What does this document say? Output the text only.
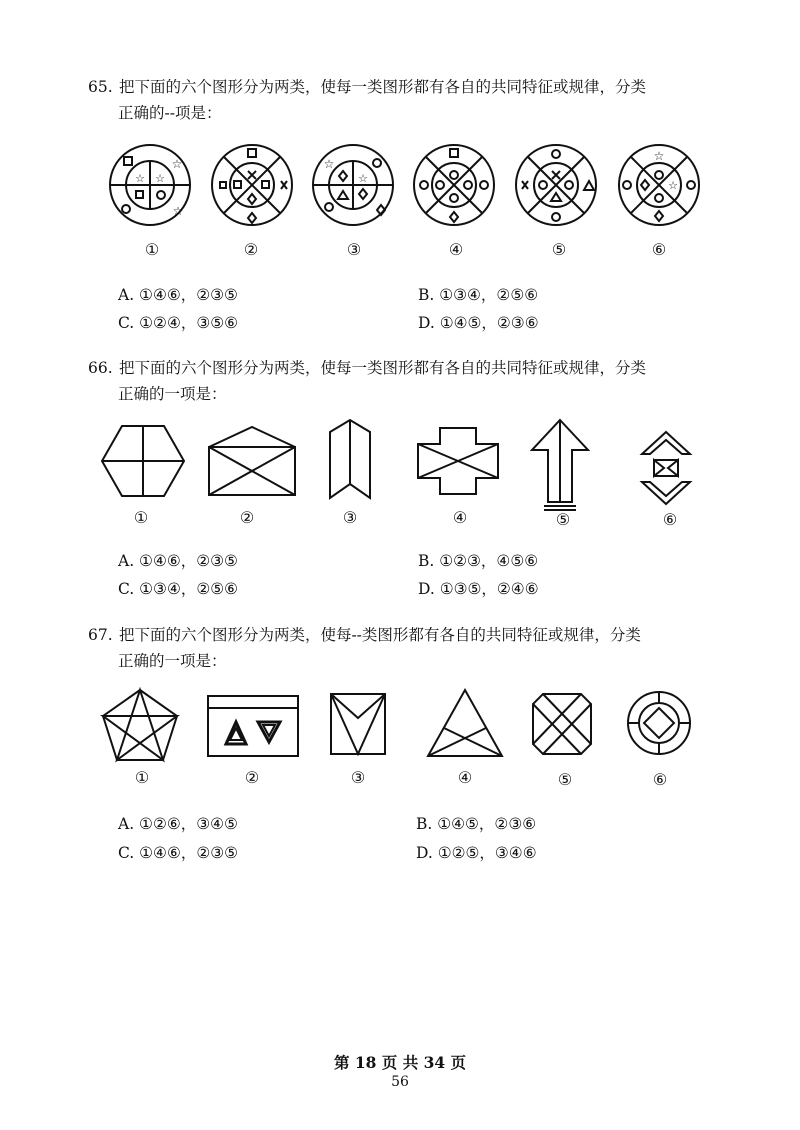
65. 把下面的六个图形分为两类，使每一类图形都有各自的共同特征或规律，分类
正确的--项是：
☆
☆ ☆
☆
☆
☆
☆
☆
①	②	③	④	⑤	⑥
A. ①④⑥，②③⑤	B. ①③④，②⑤⑥
C. ①②④，③⑤⑥	D. ①④⑤，②③⑥
66. 把下面的六个图形分为两类，使每一类图形都有各自的共同特征或规律，分类
正确的一项是：
①	②	③	④	⑤	⑥
A. ①④⑥，②③⑤	B. ①②③，④⑤⑥
C. ①③④，②⑤⑥	D. ①③⑤，②④⑥
67. 把下面的六个图形分为两类，使每--类图形都有各自的共同特征或规律，分类
正确的一项是：
①	②	③	④	⑤	⑥
A. ①②⑥，③④⑤	B. ①④⑤，②③⑥
C. ①④⑥，②③⑤	D. ①②⑤，③④⑥
第 18 页 共 34 页
56
